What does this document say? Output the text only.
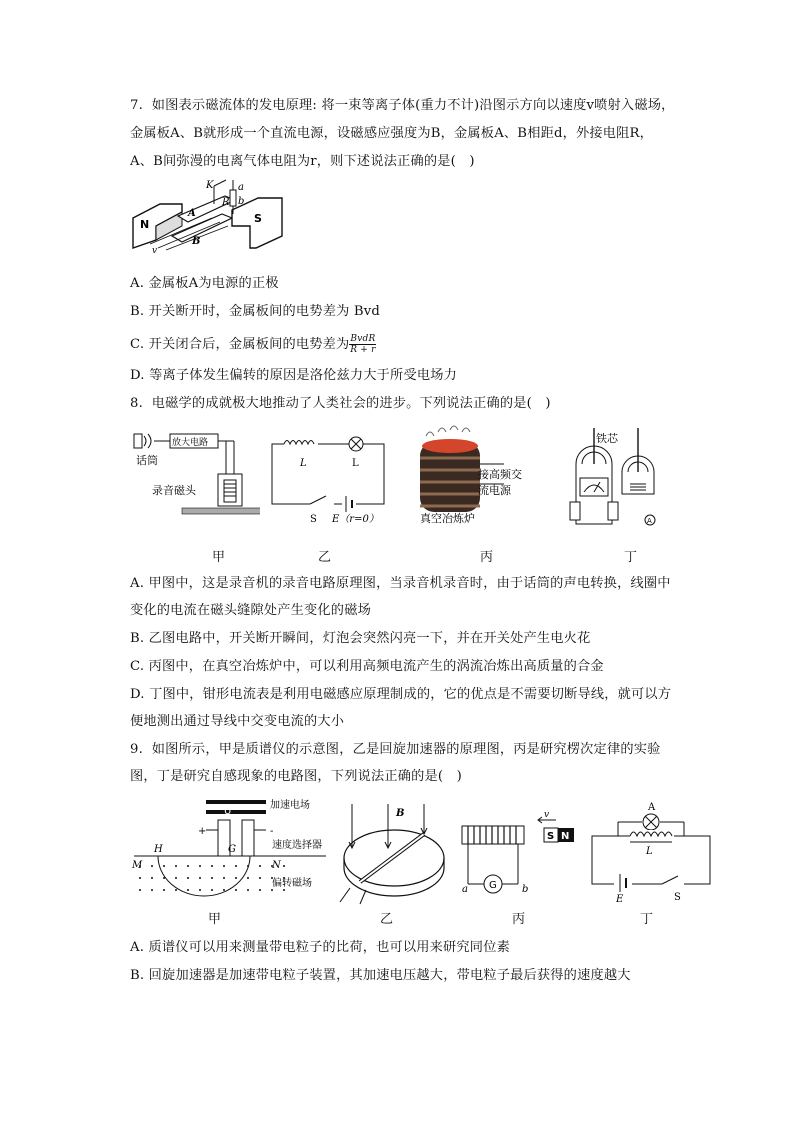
7.  如图表示磁流体的发电原理: 将一束等离子体(重力不计)沿图示方向以速度v喷射入磁场，
金属板A、B就形成一个直流电源，设磁感应强度为B，金属板A、B相距d，外接电阻R，
A、B间弥漫的电离气体电阻为r，则下述说法正确的是(　)
K a
b
R
N	S
A
B
v
A. 金属板A为电源的正极
B. 开关断开时，金属板间的电势差为 Bvd
C. 开关闭合后，金属板间的电势差为 $\frac{\text{BvdR}}{R + r}$
D. 等离子体发生偏转的原因是洛伦兹力大于所受电场力
8.  电磁学的成就极大地推动了人类社会的进步。下列说法正确的是(　)
放大电路
话筒
录音磁头
L	L
S E（r=0）
接高频交
流电源
真空冶炼炉	A
铁芯
甲	乙	丙	丁
A. 甲图中，这是录音机的录音电路原理图，当录音机录音时，由于话筒的声电转换，线圈中
变化的电流在磁头缝隙处产生变化的磁场
B. 乙图电路中，开关断开瞬间，灯泡会突然闪亮一下，并在开关处产生电火花
C. 丙图中，在真空冶炼炉中，可以利用高频电流产生的涡流冶炼出高质量的合金
D. 丁图中，钳形电流表是利用电磁感应原理制成的，它的优点是不需要切断导线，就可以方
便地测出通过导线中交变电流的大小
9.  如图所示，甲是质谱仪的示意图，乙是回旋加速器的原理图，丙是研究楞次定律的实验
图，丁是研究自感现象的电路图，下列说法正确的是(　)
U
+	-
H	G
M	N
加速电场
速度选择器
偏转磁场
B
G
a	b
S N
v
A
L
E	S
甲	乙	丙	丁
A. 质谱仪可以用来测量带电粒子的比荷，也可以用来研究同位素
B. 回旋加速器是加速带电粒子装置，其加速电压越大，带电粒子最后获得的速度越大
